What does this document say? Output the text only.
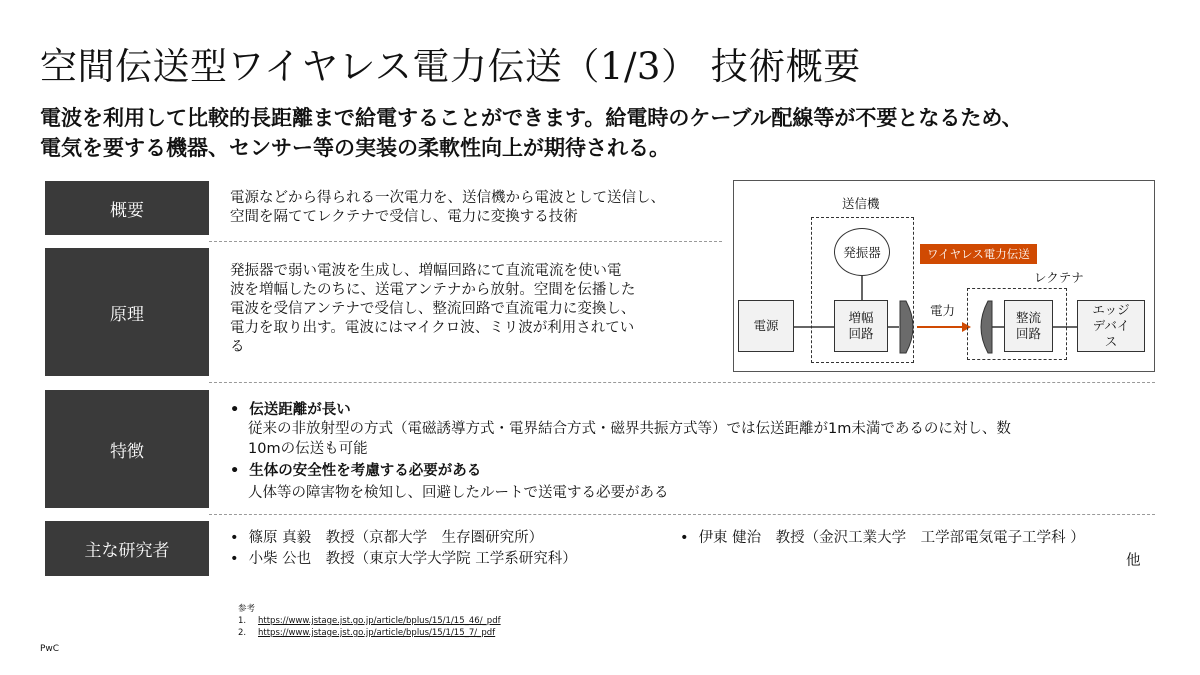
空間伝送型ワイヤレス電力伝送（1/3） 技術概要
電波を利用して比較的長距離まで給電することができます。給電時のケーブル配線等が不要となるため、
電気を要する機器、センサー等の実装の柔軟性向上が期待される。
概要
電源などから得られる一次電力を、送信機から電波として送信し、
空間を隔ててレクテナで受信し、電力に変換する技術
原理
発振器で弱い電波を生成し、増幅回路にて直流電流を使い電
波を増幅したのちに、送電アンテナから放射。空間を伝播した
電波を受信アンテナで受信し、整流回路で直流電力に変換し、
電力を取り出す。電波にはマイクロ波、ミリ波が利用されてい
る
送信機
発振器
電源
増幅
回路
ワイヤレス電力伝送
電力
レクテナ
整流
回路
エッジ
デバイ
ス
特徴
• 伝送距離が長い
従来の非放射型の方式（電磁誘導方式・電界結合方式・磁界共振方式等）では伝送距離が1m未満であるのに対し、数
10mの伝送も可能
• 生体の安全性を考慮する必要がある
人体等の障害物を検知し、回避したルートで送電する必要がある
主な研究者
• 篠原 真毅　教授（京都大学　生存圏研究所）
• 小柴 公也　教授（東京大学大学院 工学系研究科）
• 伊東 健治　教授（金沢工業大学　工学部電気電子工学科 ）
他
参考
1. https://www.jstage.jst.go.jp/article/bplus/15/1/15_46/_pdf
2. https://www.jstage.jst.go.jp/article/bplus/15/1/15_7/_pdf
PwC
